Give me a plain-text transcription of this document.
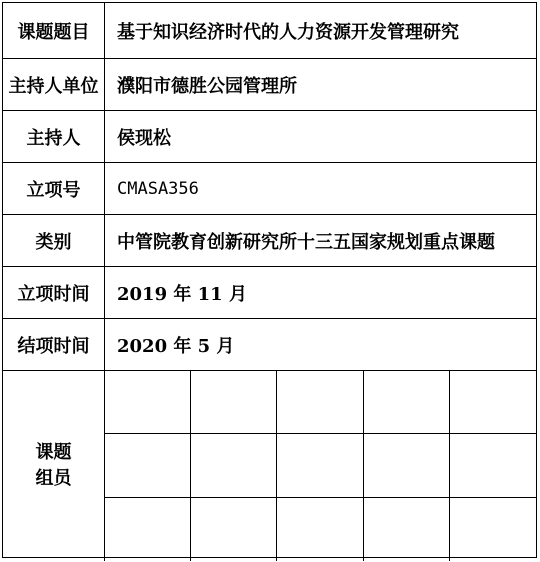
课题题目	基于知识经济时代的人力资源开发管理研究
主持人单位	濮阳市德胜公园管理所
主持人	侯现松
立项号	CMASA356
类别	中管院教育创新研究所十三五国家规划重点课题
立项时间	2019 年 11 月
结项时间	2020 年 5 月
课题
组员
